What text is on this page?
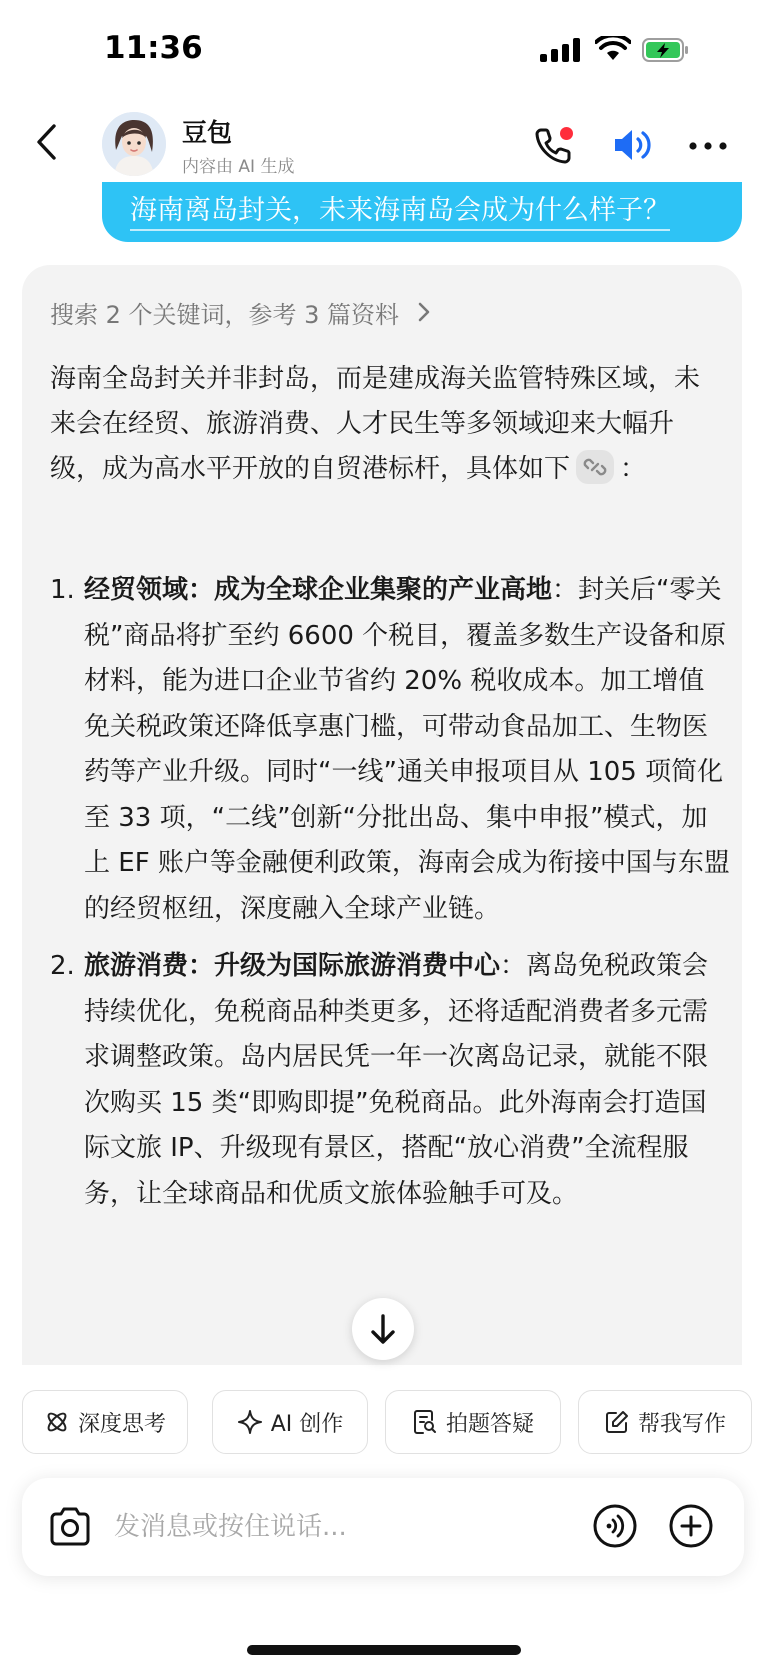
11:36
豆包
内容由 AI 生成
海南离岛封关，未来海南岛会成为什么样子？
搜索 2 个关键词，参考 3 篇资料
海南全岛封关并非封岛，而是建成海关监管特殊区域，未来会在经贸、旅游消费、人才民生等多领域迎来大幅升级，成为高水平开放的自贸港标杆，具体如下 ：
1. 经贸领域：成为全球企业集聚的产业高地：封关后“零关税”商品将扩至约 6600 个税目，覆盖多数生产设备和原材料，能为进口企业节省约 20% 税收成本。加工增值免关税政策还降低享惠门槛，可带动食品加工、生物医药等产业升级。同时“一线”通关申报项目从 105 项简化至 33 项，“二线”创新“分批出岛、集中申报”模式，加上 EF 账户等金融便利政策，海南会成为衔接中国与东盟的经贸枢纽，深度融入全球产业链。
2. 旅游消费：升级为国际旅游消费中心：离岛免税政策会持续优化，免税商品种类更多，还将适配消费者多元需求调整政策。岛内居民凭一年一次离岛记录，就能不限次购买 15 类“即购即提”免税商品。此外海南会打造国际文旅 IP、升级现有景区，搭配“放心消费”全流程服务，让全球商品和优质文旅体验触手可及。
深度思考	AI 创作	拍题答疑	帮我写作
发消息或按住说话...
